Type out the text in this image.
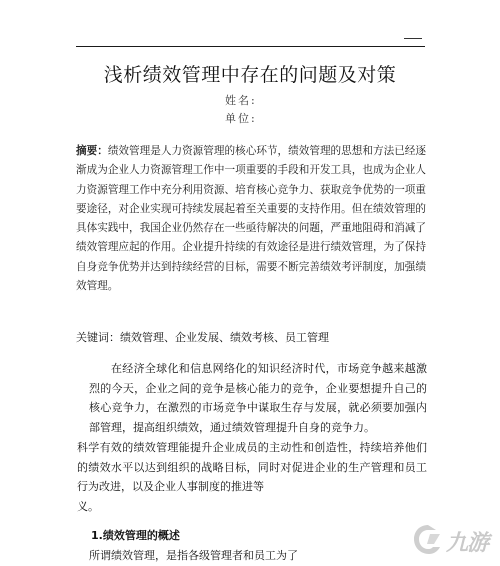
浅析绩效管理中存在的问题及对策
姓名:
单位:

摘要：绩效管理是人力资源管理的核心环节，绩效管理的思想和方法已经逐渐成为企业人力资源管理工作中一项重要的手段和开发工具，也成为企业人力资源管理工作中充分利用资源、培育核心竞争力、获取竞争优势的一项重要途径，对企业实现可持续发展起着至关重要的支持作用。但在绩效管理的具体实践中，我国企业仍然存在一些亟待解决的问题，严重地阻碍和消减了绩效管理应起的作用。企业提升持续的有效途径是进行绩效管理，为了保持自身竞争优势并达到持续经营的目标，需要不断完善绩效考评制度，加强绩效管理。

关键词：绩效管理、企业发展、绩效考核、员工管理

在经济全球化和信息网络化的知识经济时代，市场竞争越来越激烈的今天，企业之间的竞争是核心能力的竞争，企业要想提升自己的核心竞争力，在激烈的市场竞争中谋取生存与发展，就必须要加强内部管理，提高组织绩效，通过绩效管理提升自身的竞争力。

科学有效的绩效管理能提升企业成员的主动性和创造性，持续培养他们的绩效水平以达到组织的战略目标，同时对促进企业的生产管理和员工行为改进，以及企业人事制度的推进等

义。

1.绩效管理的概述
所谓绩效管理，是指各级管理者和员工为了	九游
